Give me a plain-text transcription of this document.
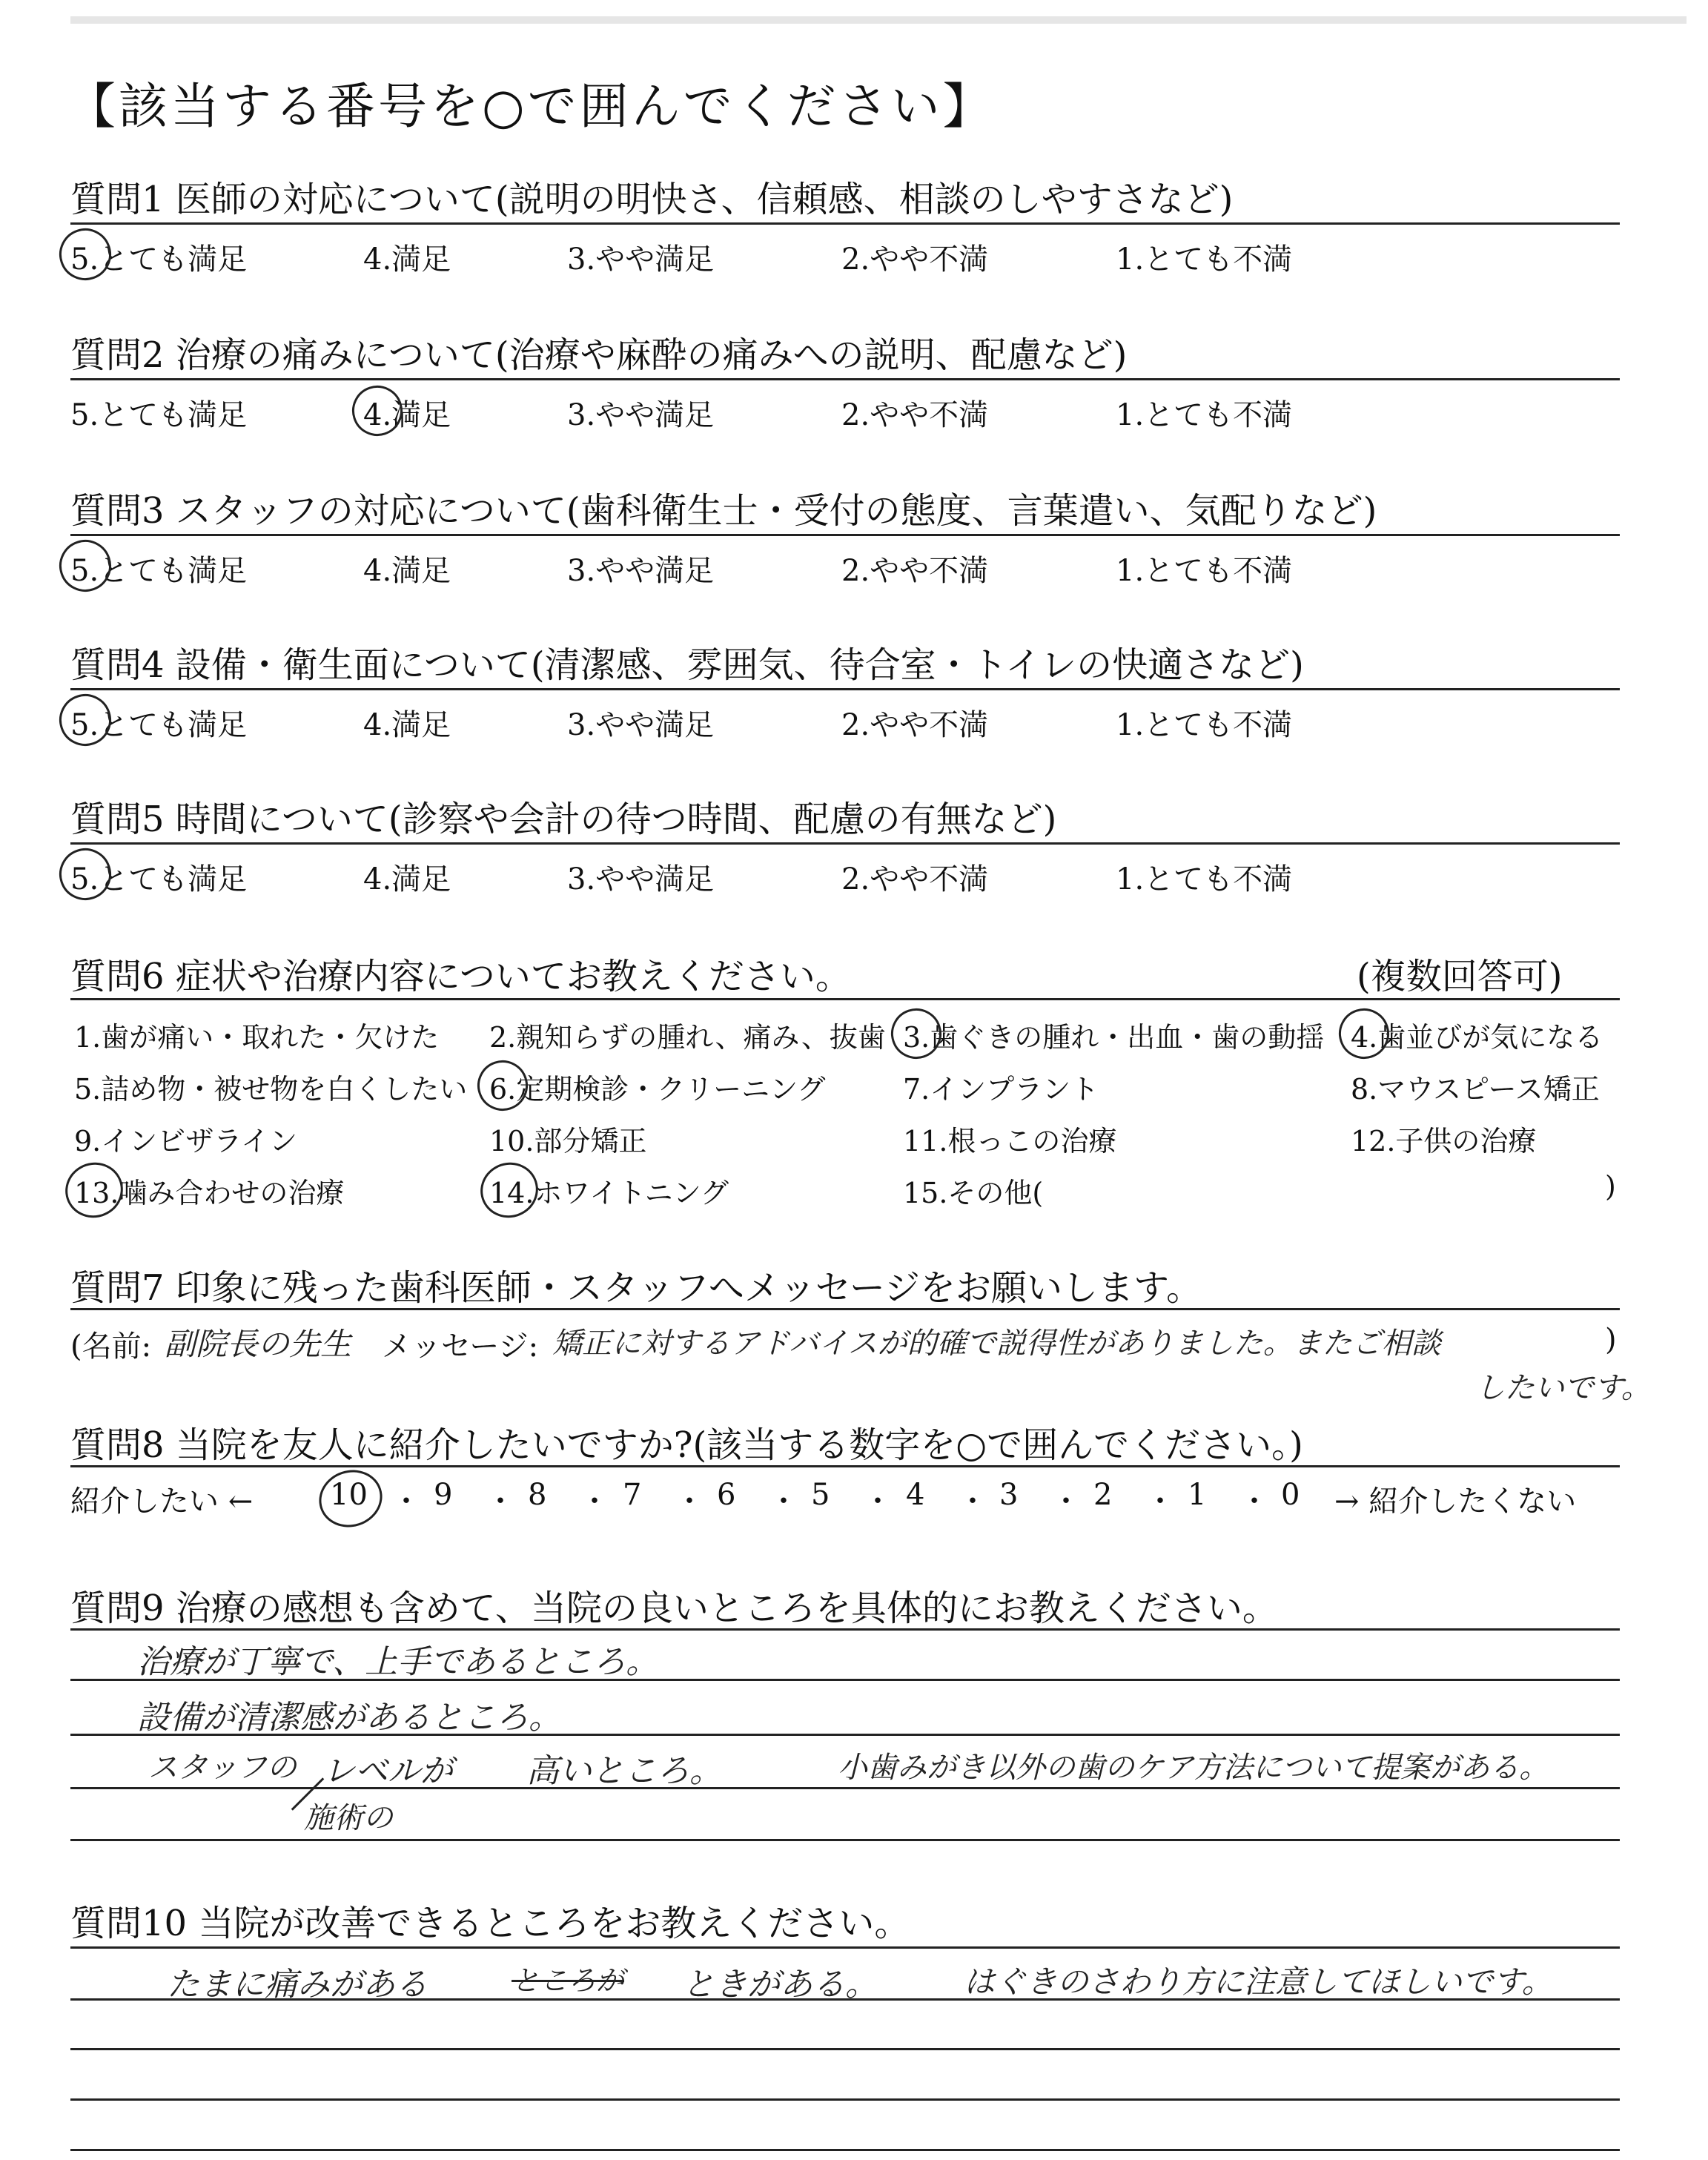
【該当する番号を○で囲んでください】
質問1 医師の対応について(説明の明快さ、信頼感、相談のしやすさなど)
5.とても満足	4.満足	3.やや満足	2.やや不満	1.とても不満
質問2 治療の痛みについて(治療や麻酔の痛みへの説明、配慮など)
5.とても満足	4.満足	3.やや満足	2.やや不満	1.とても不満
質問3 スタッフの対応について(歯科衛生士・受付の態度、言葉遣い、気配りなど)
5.とても満足	4.満足	3.やや満足	2.やや不満	1.とても不満
質問4 設備・衛生面について(清潔感、雰囲気、待合室・トイレの快適さなど)
5.とても満足	4.満足	3.やや満足	2.やや不満	1.とても不満
質問5 時間について(診察や会計の待つ時間、配慮の有無など)
5.とても満足	4.満足	3.やや満足	2.やや不満	1.とても不満
質問6 症状や治療内容についてお教えください。	(複数回答可)
1.歯が痛い・取れた・欠けた 2.親知らずの腫れ、痛み、抜歯 3.歯ぐきの腫れ・出血・歯の動揺 4.歯並びが気になる
5.詰め物・被せ物を白くしたい 6.定期検診・クリーニング	7.インプラント	8.マウスピース矯正
9.インビザライン	10.部分矯正	11.根っこの治療	12.子供の治療
13.噛み合わせの治療	14.ホワイトニング	15.その他(	)
質問7 印象に残った歯科医師・スタッフへメッセージをお願いします。
(名前: 副院長の先生 メッセージ: 矯正に対するアドバイスが的確で説得性がありました。またご相談	)
したいです。
質問8 当院を友人に紹介したいですか?(該当する数字を○で囲んでください。)
紹介したい ←	10 ・ 9 ・ 8 ・ 7 ・ 6 ・ 5 ・ 4 ・ 3 ・ 2 ・ 1 ・ 0 → 紹介したくない
質問9 治療の感想も含めて、当院の良いところを具体的にお教えください。
治療が丁寧で、上手であるところ。
設備が清潔感があるところ。
スタッフの レベルが 高いところ。	小歯みがき以外の歯のケア方法について提案がある。
施術の
質問10 当院が改善できるところをお教えください。
たまに痛みがある	ところが ときがある。	はぐきのさわり方に注意してほしいです。
